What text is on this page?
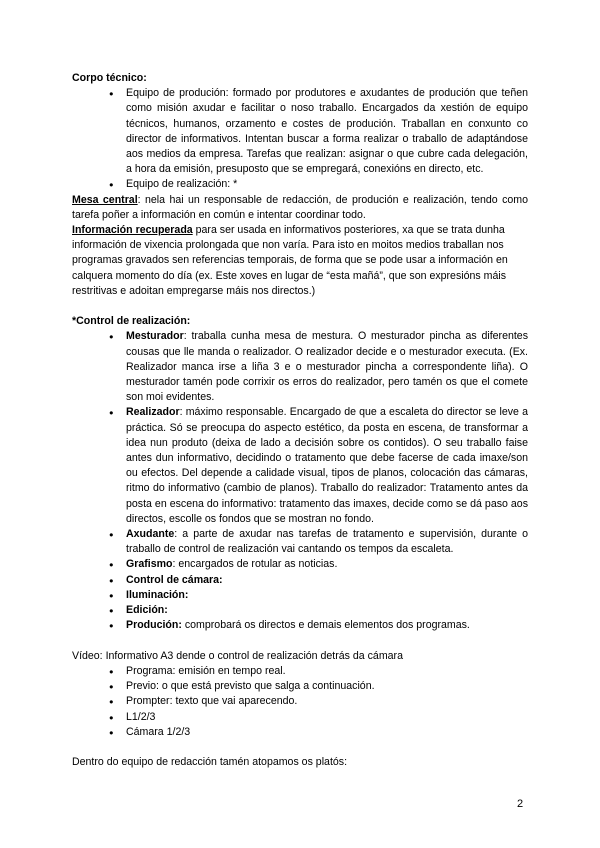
Corpo técnico:

● Equipo de produción: formado por produtores e axudantes de produción que teñen como misión axudar e facilitar o noso traballo. Encargados da xestión de equipo técnicos, humanos, orzamento e costes de produción. Traballan en conxunto co director de informativos. Intentan buscar a forma realizar o traballo de adaptándose aos medios da empresa. Tarefas que realizan: asignar o que cubre cada delegación, a hora da emisión, presuposto que se empregará, conexións en directo, etc.
● Equipo de realización: *

Mesa central: nela hai un responsable de redacción, de produción e realización, tendo como tarefa poñer a información en común e intentar coordinar todo.

Información recuperada para ser usada en informativos posteriores, xa que se trata dunha información de vixencia prolongada que non varía. Para isto en moitos medios traballan nos programas gravados sen referencias temporais, de forma que se pode usar a información en calquera momento do día (ex. Este xoves en lugar de “esta mañá”, que son expresións máis restritivas e adoitan empregarse máis nos directos.)

*Control de realización:

● Mesturador: traballa cunha mesa de mestura. O mesturador pincha as diferentes cousas que lle manda o realizador. O realizador decide e o mesturador executa. (Ex. Realizador manca irse a liña 3 e o mesturador pincha a correspondente liña). O mesturador tamén pode corrixir os erros do realizador, pero tamén os que el comete son moi evidentes.
● Realizador: máximo responsable. Encargado de que a escaleta do director se leve a práctica. Só se preocupa do aspecto estético, da posta en escena, de transformar a idea nun produto (deixa de lado a decisión sobre os contidos). O seu traballo faise antes dun informativo, decidindo o tratamento que debe facerse de cada imaxe/son ou efectos. Del depende a calidade visual, tipos de planos, colocación das cámaras, ritmo do informativo (cambio de planos). Traballo do realizador: Tratamento antes da posta en escena do informativo: tratamento das imaxes, decide como se dá paso aos directos, escolle os fondos que se mostran no fondo.
● Axudante: a parte de axudar nas tarefas de tratamento e supervisión, durante o traballo de control de realización vai cantando os tempos da escaleta.
● Grafismo: encargados de rotular as noticias.
● Control de cámara:
● Iluminación:
● Edición:
● Produción: comprobará os directos e demais elementos dos programas.

Vídeo: Informativo A3 dende o control de realización detrás da cámara

● Programa: emisión en tempo real.
● Previo: o que está previsto que salga a continuación.
● Prompter: texto que vai aparecendo.
● L1/2/3
● Cámara 1/2/3

Dentro do equipo de redacción tamén atopamos os platós:

2
